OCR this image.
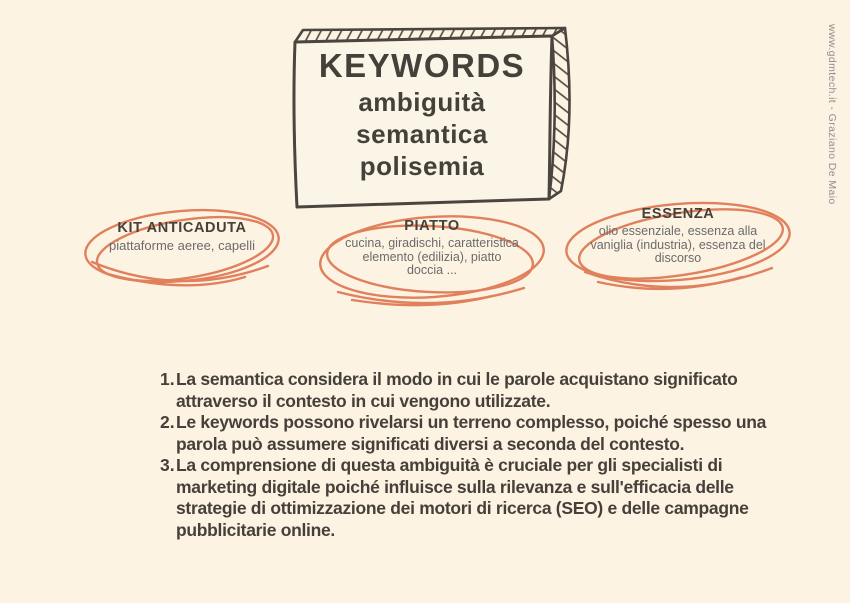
KEYWORDS
ambiguità
semantica
polisemia
KIT ANTICADUTA
piattaforme aeree, capelli
PIATTO
cucina, giradischi, caratteristica elemento (edilizia), piatto doccia ...
ESSENZA
olio essenziale, essenza alla vaniglia (industria), essenza del discorso
1. La semantica considera il modo in cui le parole acquistano significato attraverso il contesto in cui vengono utilizzate.
2. Le keywords possono rivelarsi un terreno complesso, poiché spesso una parola può assumere significati diversi a seconda del contesto.
3. La comprensione di questa ambiguità è cruciale per gli specialisti di marketing digitale poiché influisce sulla rilevanza e sull'efficacia delle strategie di ottimizzazione dei motori di ricerca (SEO) e delle campagne pubblicitarie online.
www.gdmtech.it - Graziano De Maio
